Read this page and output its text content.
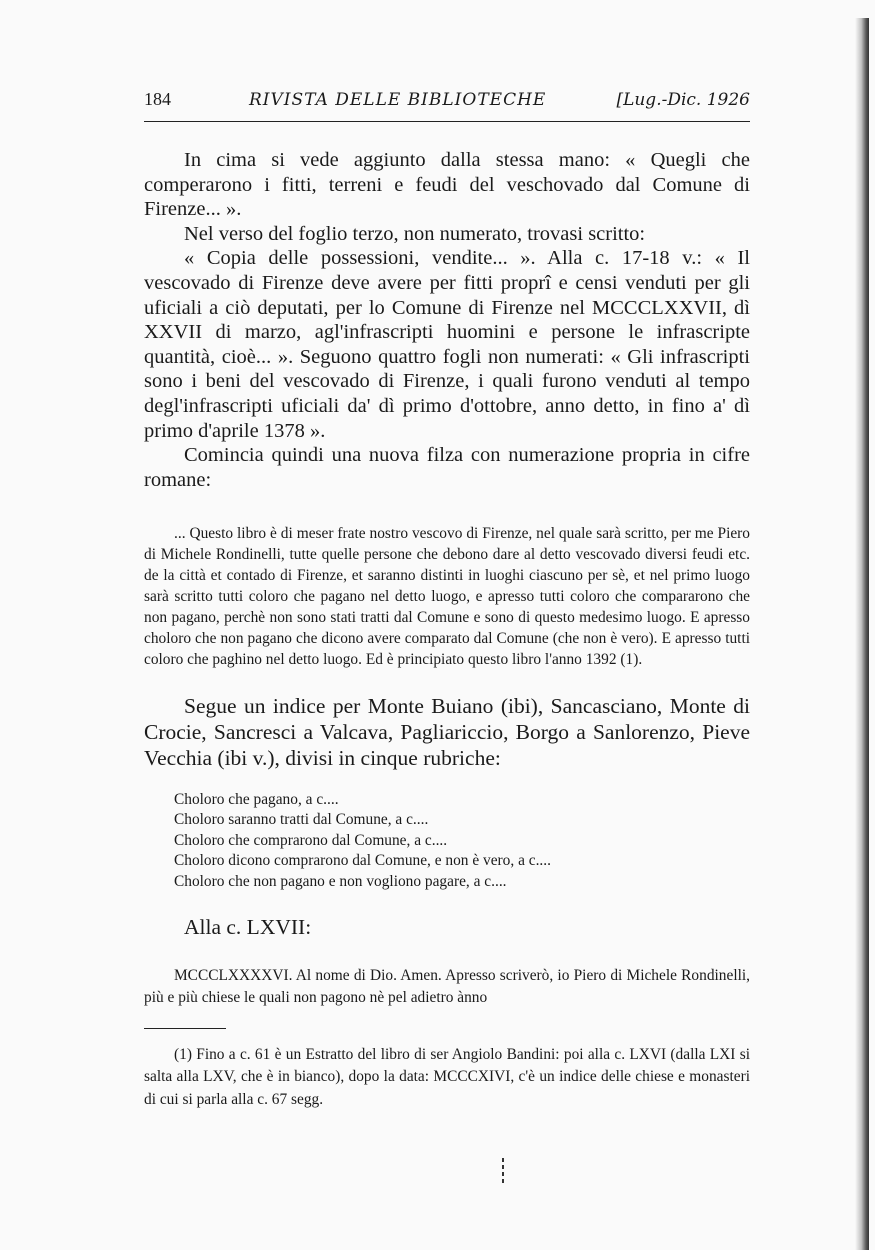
184	RIVISTA DELLE BIBLIOTECHE	[Lug.-Dic. 1926

In cima si vede aggiunto dalla stessa mano: « Quegli che comperarono i fitti, terreni e feudi del veschovado dal Comune di Firenze... ».

Nel verso del foglio terzo, non numerato, trovasi scritto:

« Copia delle possessioni, vendite... ». Alla c. 17-18 v.: « Il vescovado di Firenze deve avere per fitti proprî e censi venduti per gli uficiali a ciò deputati, per lo Comune di Firenze nel MCCCLXXVII, dì XXVII di marzo, agl'infrascripti huomini e persone le infrascripte quantità, cioè... ». Seguono quattro fogli non numerati: « Gli infrascripti sono i beni del vescovado di Firenze, i quali furono venduti al tempo degl'infrascripti uficiali da' dì primo d'ottobre, anno detto, in fino a' dì primo d'aprile 1378 ».

Comincia quindi una nuova filza con numerazione propria in cifre romane:

... Questo libro è di meser frate nostro vescovo di Firenze, nel quale sarà scritto, per me Piero di Michele Rondinelli, tutte quelle persone che debono dare al detto vescovado diversi feudi etc. de la città et contado di Firenze, et saranno distinti in luoghi ciascuno per sè, et nel primo luogo sarà scritto tutti coloro che pagano nel detto luogo, e apresso tutti coloro che compararono che non pagano, perchè non sono stati tratti dal Comune e sono di questo medesimo luogo. E apresso choloro che non pagano che dicono avere comparato dal Comune (che non è vero). E apresso tutti coloro che paghino nel detto luogo. Ed è principiato questo libro l'anno 1392 (1).

Segue un indice per Monte Buiano (ibi), Sancasciano, Monte di Crocie, Sancresci a Valcava, Pagliariccio, Borgo a Sanlorenzo, Pieve Vecchia (ibi v.), divisi in cinque rubriche:

Choloro che pagano, a c....
Choloro saranno tratti dal Comune, a c....
Choloro che comprarono dal Comune, a c....
Choloro dicono comprarono dal Comune, e non è vero, a c....
Choloro che non pagano e non vogliono pagare, a c....
Alla c. LXVII:

MCCCLXXXXVI. Al nome di Dio. Amen. Apresso scriverò, io Piero di Michele Rondinelli, più e più chiese le quali non pagono nè pel adietro ànno

(1) Fino a c. 61 è un Estratto del libro di ser Angiolo Bandini: poi alla c. LXVI (dalla LXI si salta alla LXV, che è in bianco), dopo la data: MCCCXIVI, c'è un indice delle chiese e monasteri di cui si parla alla c. 67 segg.
